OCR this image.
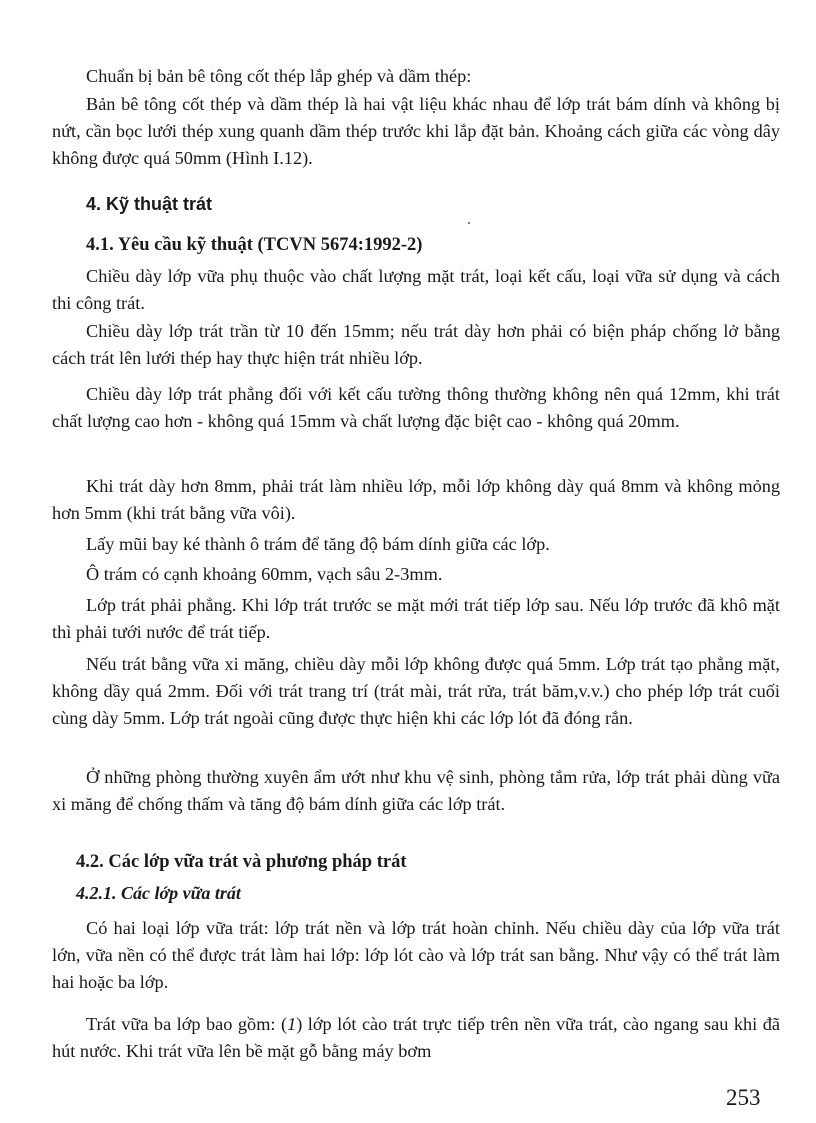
Chuẩn bị bản bê tông cốt thép lắp ghép và dầm thép:

Bản bê tông cốt thép và dầm thép là hai vật liệu khác nhau để lớp trát bám dính và không bị nứt, cần bọc lưới thép xung quanh dầm thép trước khi lắp đặt bản. Khoảng cách giữa các vòng dây không được quá 50mm (Hình I.12).

4. Kỹ thuật trát
4.1. Yêu cầu kỹ thuật (TCVN 5674:1992-2)

Chiều dày lớp vữa phụ thuộc vào chất lượng mặt trát, loại kết cấu, loại vữa sử dụng và cách thi công trát.

Chiều dày lớp trát trần từ 10 đến 15mm; nếu trát dày hơn phải có biện pháp chống lở bằng cách trát lên lưới thép hay thực hiện trát nhiều lớp.

Chiều dày lớp trát phẳng đối với kết cấu tường thông thường không nên quá 12mm, khi trát chất lượng cao hơn - không quá 15mm và chất lượng đặc biệt cao - không quá 20mm.

Khi trát dày hơn 8mm, phải trát làm nhiều lớp, mỗi lớp không dày quá 8mm và không mỏng hơn 5mm (khi trát bằng vữa vôi).

Lấy mũi bay ké thành ô trám để tăng độ bám dính giữa các lớp.

Ô trám có cạnh khoảng 60mm, vạch sâu 2-3mm.

Lớp trát phải phẳng. Khi lớp trát trước se mặt mới trát tiếp lớp sau. Nếu lớp trước đã khô mặt thì phải tưới nước để trát tiếp.

Nếu trát bằng vữa xi măng, chiều dày mỗi lớp không được quá 5mm. Lớp trát tạo phẳng mặt, không dầy quá 2mm. Đối với trát trang trí (trát mài, trát rửa, trát băm,v.v.) cho phép lớp trát cuối cùng dày 5mm. Lớp trát ngoài cũng được thực hiện khi các lớp lót đã đóng rắn.

Ở những phòng thường xuyên ẩm ướt như khu vệ sinh, phòng tắm rửa, lớp trát phải dùng vữa xi măng để chống thấm và tăng độ bám dính giữa các lớp trát.

4.2. Các lớp vữa trát và phương pháp trát
4.2.1. Các lớp vữa trát

Có hai loại lớp vữa trát: lớp trát nền và lớp trát hoàn chỉnh. Nếu chiều dày của lớp vữa trát lớn, vữa nền có thể được trát làm hai lớp: lớp lót cào và lớp trát san bằng. Như vậy có thể trát làm hai hoặc ba lớp.

Trát vữa ba lớp bao gồm: (1) lớp lót cào trát trực tiếp trên nền vữa trát, cào ngang sau khi đã hút nước. Khi trát vữa lên bề mặt gỗ bằng máy bơm

253
